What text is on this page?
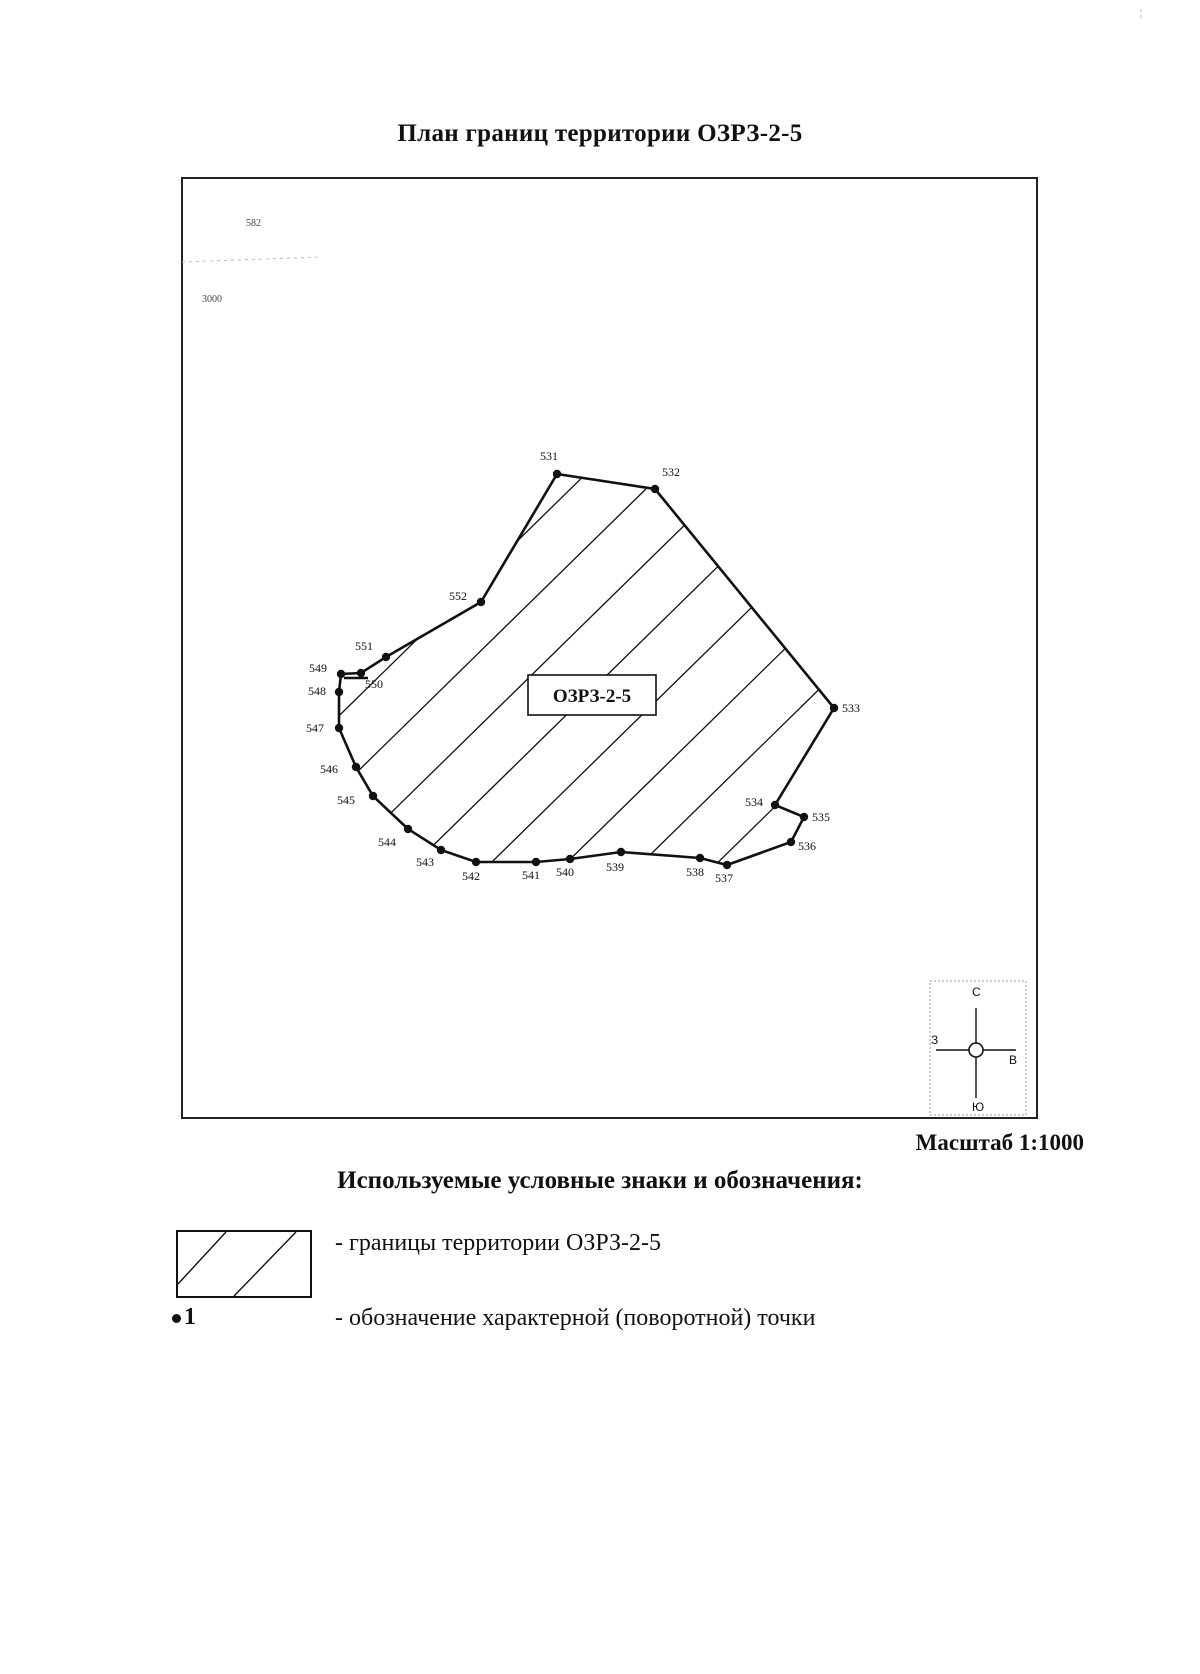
¦
План границ территории ОЗРЗ-2-5
582
3000
531
532
533
534
535
536
537
538
539
540
541
542
543
544
545
546
547
548
549
550
551
552
ОЗРЗ-2-5
С
Ю
В
З
Масштаб 1:1000
Используемые условные знаки и обозначения:
- границы территории ОЗРЗ-2-5
1	- обозначение характерной (поворотной) точки
